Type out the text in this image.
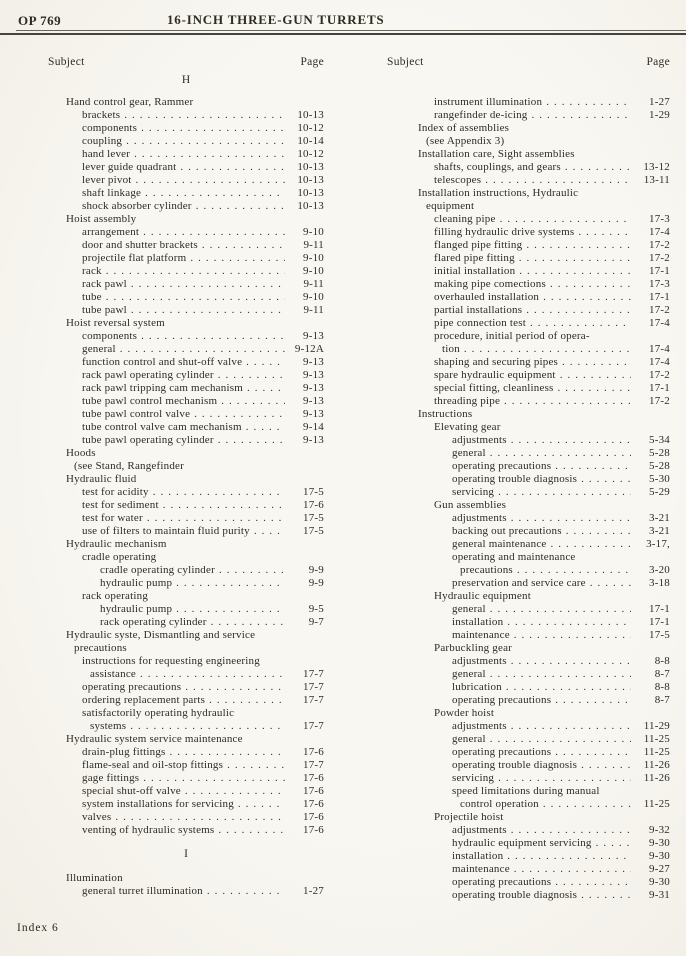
OP 769	16-INCH THREE-GUN TURRETS
Subject	Page
H
Hand control gear, Rammer
brackets .....	10-13
components .....	10-12
coupling .....	10-14
hand lever .....	10-12
lever guide quadrant .....	10-13
lever pivot .....	10-13
shaft linkage .....	10-13
shock absorber cylinder .....	10-13
Hoist assembly
arrangement .....	9-10
door and shutter brackets .....	9-11
projectile flat platform .....	9-10
rack .....	9-10
rack pawl .....	9-11
tube .....	9-10
tube pawl .....	9-11
Hoist reversal system
components .....	9-13
general .....	9-12A
function control and shut-off valve .....	9-13
rack pawl operating cylinder .....	9-13
rack pawl tripping cam mechanism .....	9-13
tube pawl control mechanism .....	9-13
tube pawl control valve .....	9-13
tube control valve cam mechanism .....	9-14
tube pawl operating cylinder .....	9-13
Hoods
(see Stand, Rangefinder
Hydraulic fluid
test for acidity .....	17-5
test for sediment .....	17-6
test for water .....	17-5
use of filters to maintain fluid purity .....	17-5
Hydraulic mechanism
cradle operating
cradle operating cylinder .....	9-9
hydraulic pump .....	9-9
rack operating
hydraulic pump .....	9-5
rack operating cylinder .....	9-7
Hydraulic syste, Dismantling and service
precautions
instructions for requesting engineering
assistance .....	17-7
operating precautions .....	17-7
ordering replacement parts .....	17-7
satisfactorily operating hydraulic
systems .....	17-7
Hydraulic system service maintenance
drain-plug fittings .....	17-6
flame-seal and oil-stop fittings .....	17-7
gage fittings .....	17-6
special shut-off valve .....	17-6
system installations for servicing .....	17-6
valves .....	17-6
venting of hydraulic systems .....	17-6
I
Illumination
general turret illumination .....	1-27
Subject	Page
instrument illumination .....	1-27
rangefinder de-icing .....	1-29
Index of assemblies
(see Appendix 3)
Installation care, Sight assemblies
shafts, couplings, and gears .....	13-12
telescopes .....	13-11
Installation instructions, Hydraulic
equipment
cleaning pipe .....	17-3
filling hydraulic drive systems .....	17-4
flanged pipe fitting .....	17-2
flared pipe fitting .....	17-2
initial installation .....	17-1
making pipe comections .....	17-3
overhauled installation .....	17-1
partial installations .....	17-2
pipe connection test .....	17-4
procedure, initial period of opera-
tion .....	17-4
shaping and securing pipes .....	17-4
spare hydraulic equipment .....	17-2
special fitting, cleanliness .....	17-1
threading pipe .....	17-2
Instructions
Elevating gear
adjustments .....	5-34
general .....	5-28
operating precautions .....	5-28
operating trouble diagnosis .....	5-30
servicing .....	5-29
Gun assemblies
adjustments .....	3-21
backing out precautions .....	3-21
general maintenance .....	3-17,
operating and maintenance
precautions .....	3-20
preservation and service care .....	3-18
Hydraulic equipment
general .....	17-1
installation .....	17-1
maintenance .....	17-5
Parbuckling gear
adjustments .....	8-8
general .....	8-7
lubrication .....	8-8
operating precautions .....	8-7
Powder hoist
adjustments .....	11-29
general .....	11-25
operating precautions .....	11-25
operating trouble diagnosis .....	11-26
servicing .....	11-26
speed limitations during manual
control operation .....	11-25
Projectile hoist
adjustments .....	9-32
hydraulic equipment servicing .....	9-30
installation .....	9-30
maintenance .....	9-27
operating precautions .....	9-30
operating trouble diagnosis .....	9-31
Index 6
